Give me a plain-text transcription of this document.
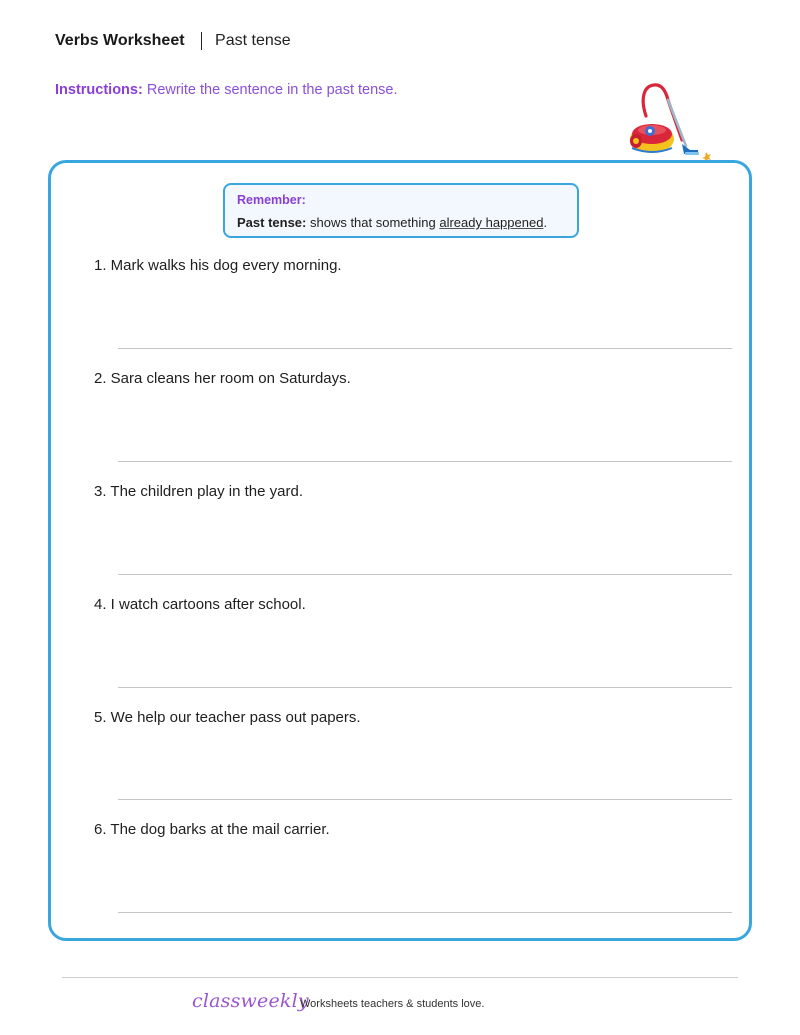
Verbs Worksheet Past tense
Instructions: Rewrite the sentence in the past tense.
Remember:
Past tense: shows that something already happened.
1. Mark walks his dog every morning.
2. Sara cleans her room on Saturdays.
3. The children play in the yard.
4. I watch cartoons after school.
5. We help our teacher pass out papers.
6. The dog barks at the mail carrier.
classweekly
Worksheets teachers & students love.
